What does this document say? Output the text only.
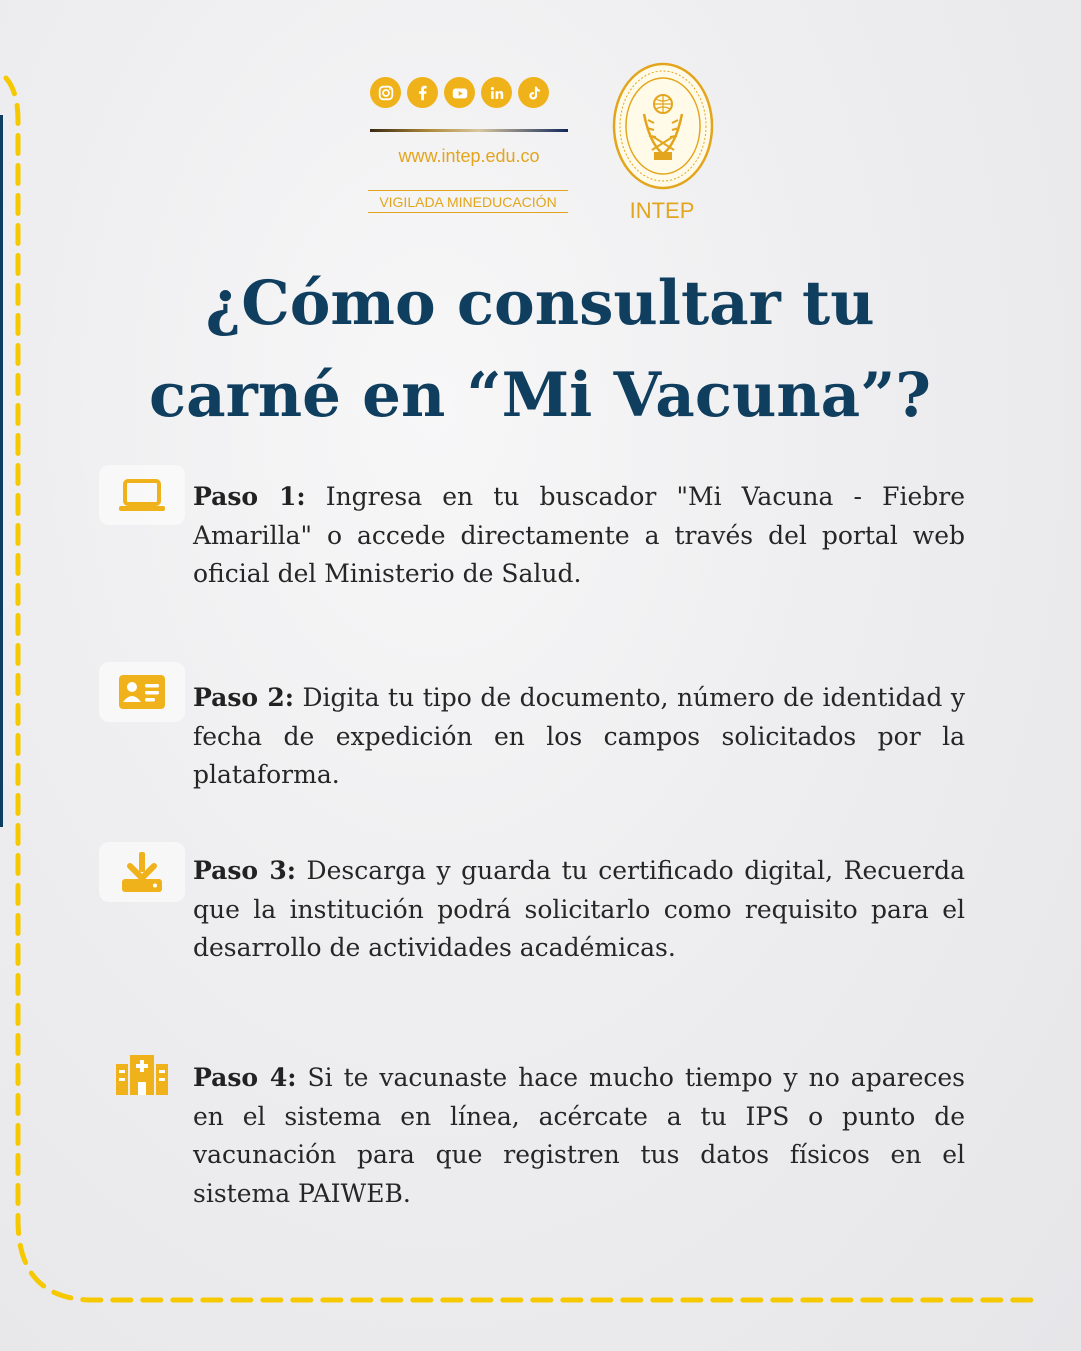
www.intep.edu.co
VIGILADA MINEDUCACIÓN	INTEP
¿Cómo consultar tu
carné en “Mi Vacuna”?
Paso 1: Ingresa en tu buscador "Mi Vacuna - Fiebre Amarilla" o accede directamente a través del portal web oficial del Ministerio de Salud.
Paso 2: Digita tu tipo de documento, número de identidad y fecha de expedición en los campos solicitados por la plataforma.
Paso 3: Descarga y guarda tu certificado digital, Recuerda que la institución podrá solicitarlo como requisito para el desarrollo de actividades académicas.
Paso 4: Si te vacunaste hace mucho tiempo y no apareces en el sistema en línea, acércate a tu IPS o punto de vacunación para que registren tus datos físicos en el sistema PAIWEB.
